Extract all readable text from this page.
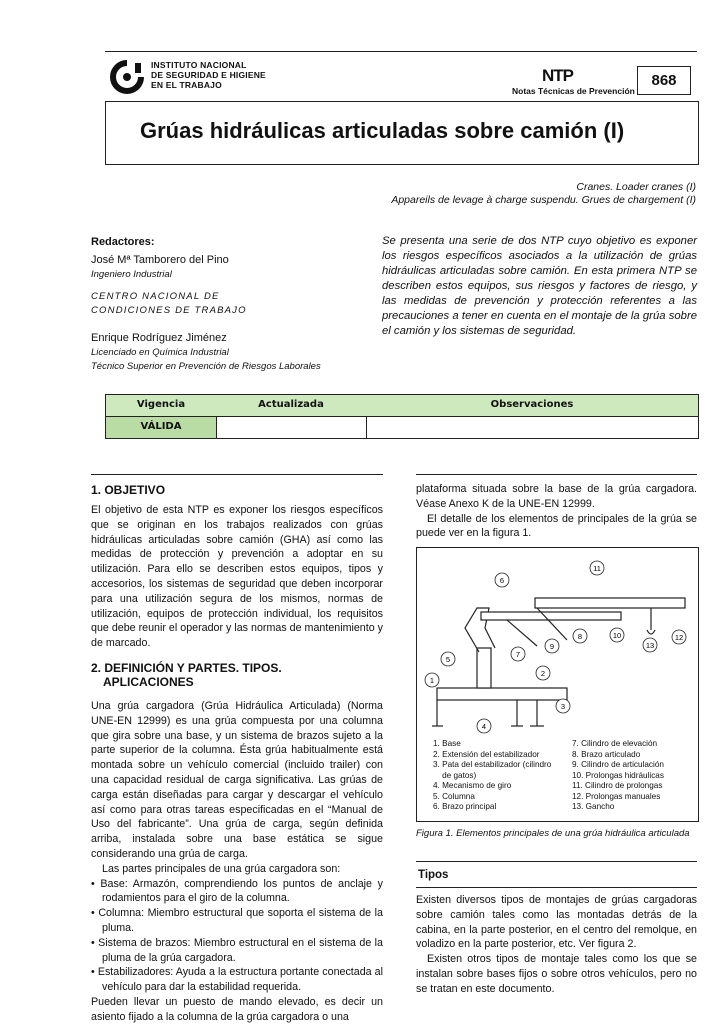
INSTITUTO NACIONAL
DE SEGURIDAD E HIGIENE
EN EL TRABAJO	NTP
Notas Técnicas de Prevención
868
Grúas hidráulicas articuladas sobre camión (I)
Cranes. Loader cranes (I)
Appareils de levage à charge suspendu. Grues de chargement (I)
Redactores:
José Mª Tamborero del Pino
Ingeniero Industrial
CENTRO NACIONAL DE
CONDICIONES DE TRABAJO
Enrique Rodríguez Jiménez
Licenciado en Química Industrial
Técnico Superior en Prevención de Riesgos Laborales
Se presenta una serie de dos NTP cuyo objetivo es exponer los riesgos específicos asociados a la utilización de grúas hidráulicas articuladas sobre camión. En esta primera NTP se describen estos equipos, sus riesgos y factores de riesgo, y las medidas de prevención y protección referentes a las precauciones a tener en cuenta en el montaje de la grúa sobre el camión y los sistemas de seguridad.
Vigencia	Actualizada	Observaciones
VÁLIDA
1. OBJETIVO

El objetivo de esta NTP es exponer los riesgos específicos que se originan en los trabajos realizados con grúas hidráulicas articuladas sobre camión (GHA) así como las medidas de protección y prevención a adoptar en su utilización. Para ello se describen estos equipos, tipos y accesorios, los sistemas de seguridad que deben incorporar para una utilización segura de los mismos, normas de utilización, equipos de protección individual, los requisitos que debe reunir el operador y las normas de mantenimiento y de marcado.

2. DEFINICIÓN Y PARTES. TIPOS.
APLICACIONES

Una grúa cargadora (Grúa Hidráulica Articulada) (Norma UNE-EN 12999) es una grúa compuesta por una columna que gira sobre una base, y un sistema de brazos sujeto a la parte superior de la columna. Ésta grúa habitualmente está montada sobre un vehículo comercial (incluido trailer) con una capacidad residual de carga significativa. Las grúas de carga están diseñadas para cargar y descargar el vehículo así como para otras tareas especificadas en el “Manual de Uso del fabricante”. Una grúa de carga, según definida arriba, instalada sobre una base estática se sigue considerando una grúa de carga.

Las partes principales de una grúa cargadora son:

• Base: Armazón, comprendiendo los puntos de anclaje y rodamientos para el giro de la columna.

• Columna: Miembro estructural que soporta el sistema de la pluma.

• Sistema de brazos: Miembro estructural en el sistema de la pluma de la grúa cargadora.

• Estabilizadores: Ayuda a la estructura portante conectada al vehículo para dar la estabilidad requerida.

Pueden llevar un puesto de mando elevado, es decir un asiento fijado a la columna de la grúa cargadora o una

plataforma situada sobre la base de la grúa cargadora. Véase Anexo K de la UNE-EN 12999.

El detalle de los elementos de principales de la grúa se puede ver en la figura 1.

1
2
3
4
5
6
7
8
9
10
11
12
13
1. Base
2. Extensión del estabilizador
3. Pata del estabilizador (cilindro
de gatos)
4. Mecanismo de giro
5. Columna
6. Brazo principal
7. Cilindro de elevación
8. Brazo articulado
9. Cilindro de articulación
10. Prolongas hidráulicas
11. Cilindro de prolongas
12. Prolongas manuales
13. Gancho
Figura 1. Elementos principales de una grúa hidráulica articulada
Tipos

Existen diversos tipos de montajes de grúas cargadoras sobre camión tales como las montadas detrás de la cabina, en la parte posterior, en el centro del remolque, en voladizo en la parte posterior, etc. Ver figura 2.

Existen otros tipos de montaje tales como los que se instalan sobre bases fijos o sobre otros vehículos, pero no se tratan en este documento.
